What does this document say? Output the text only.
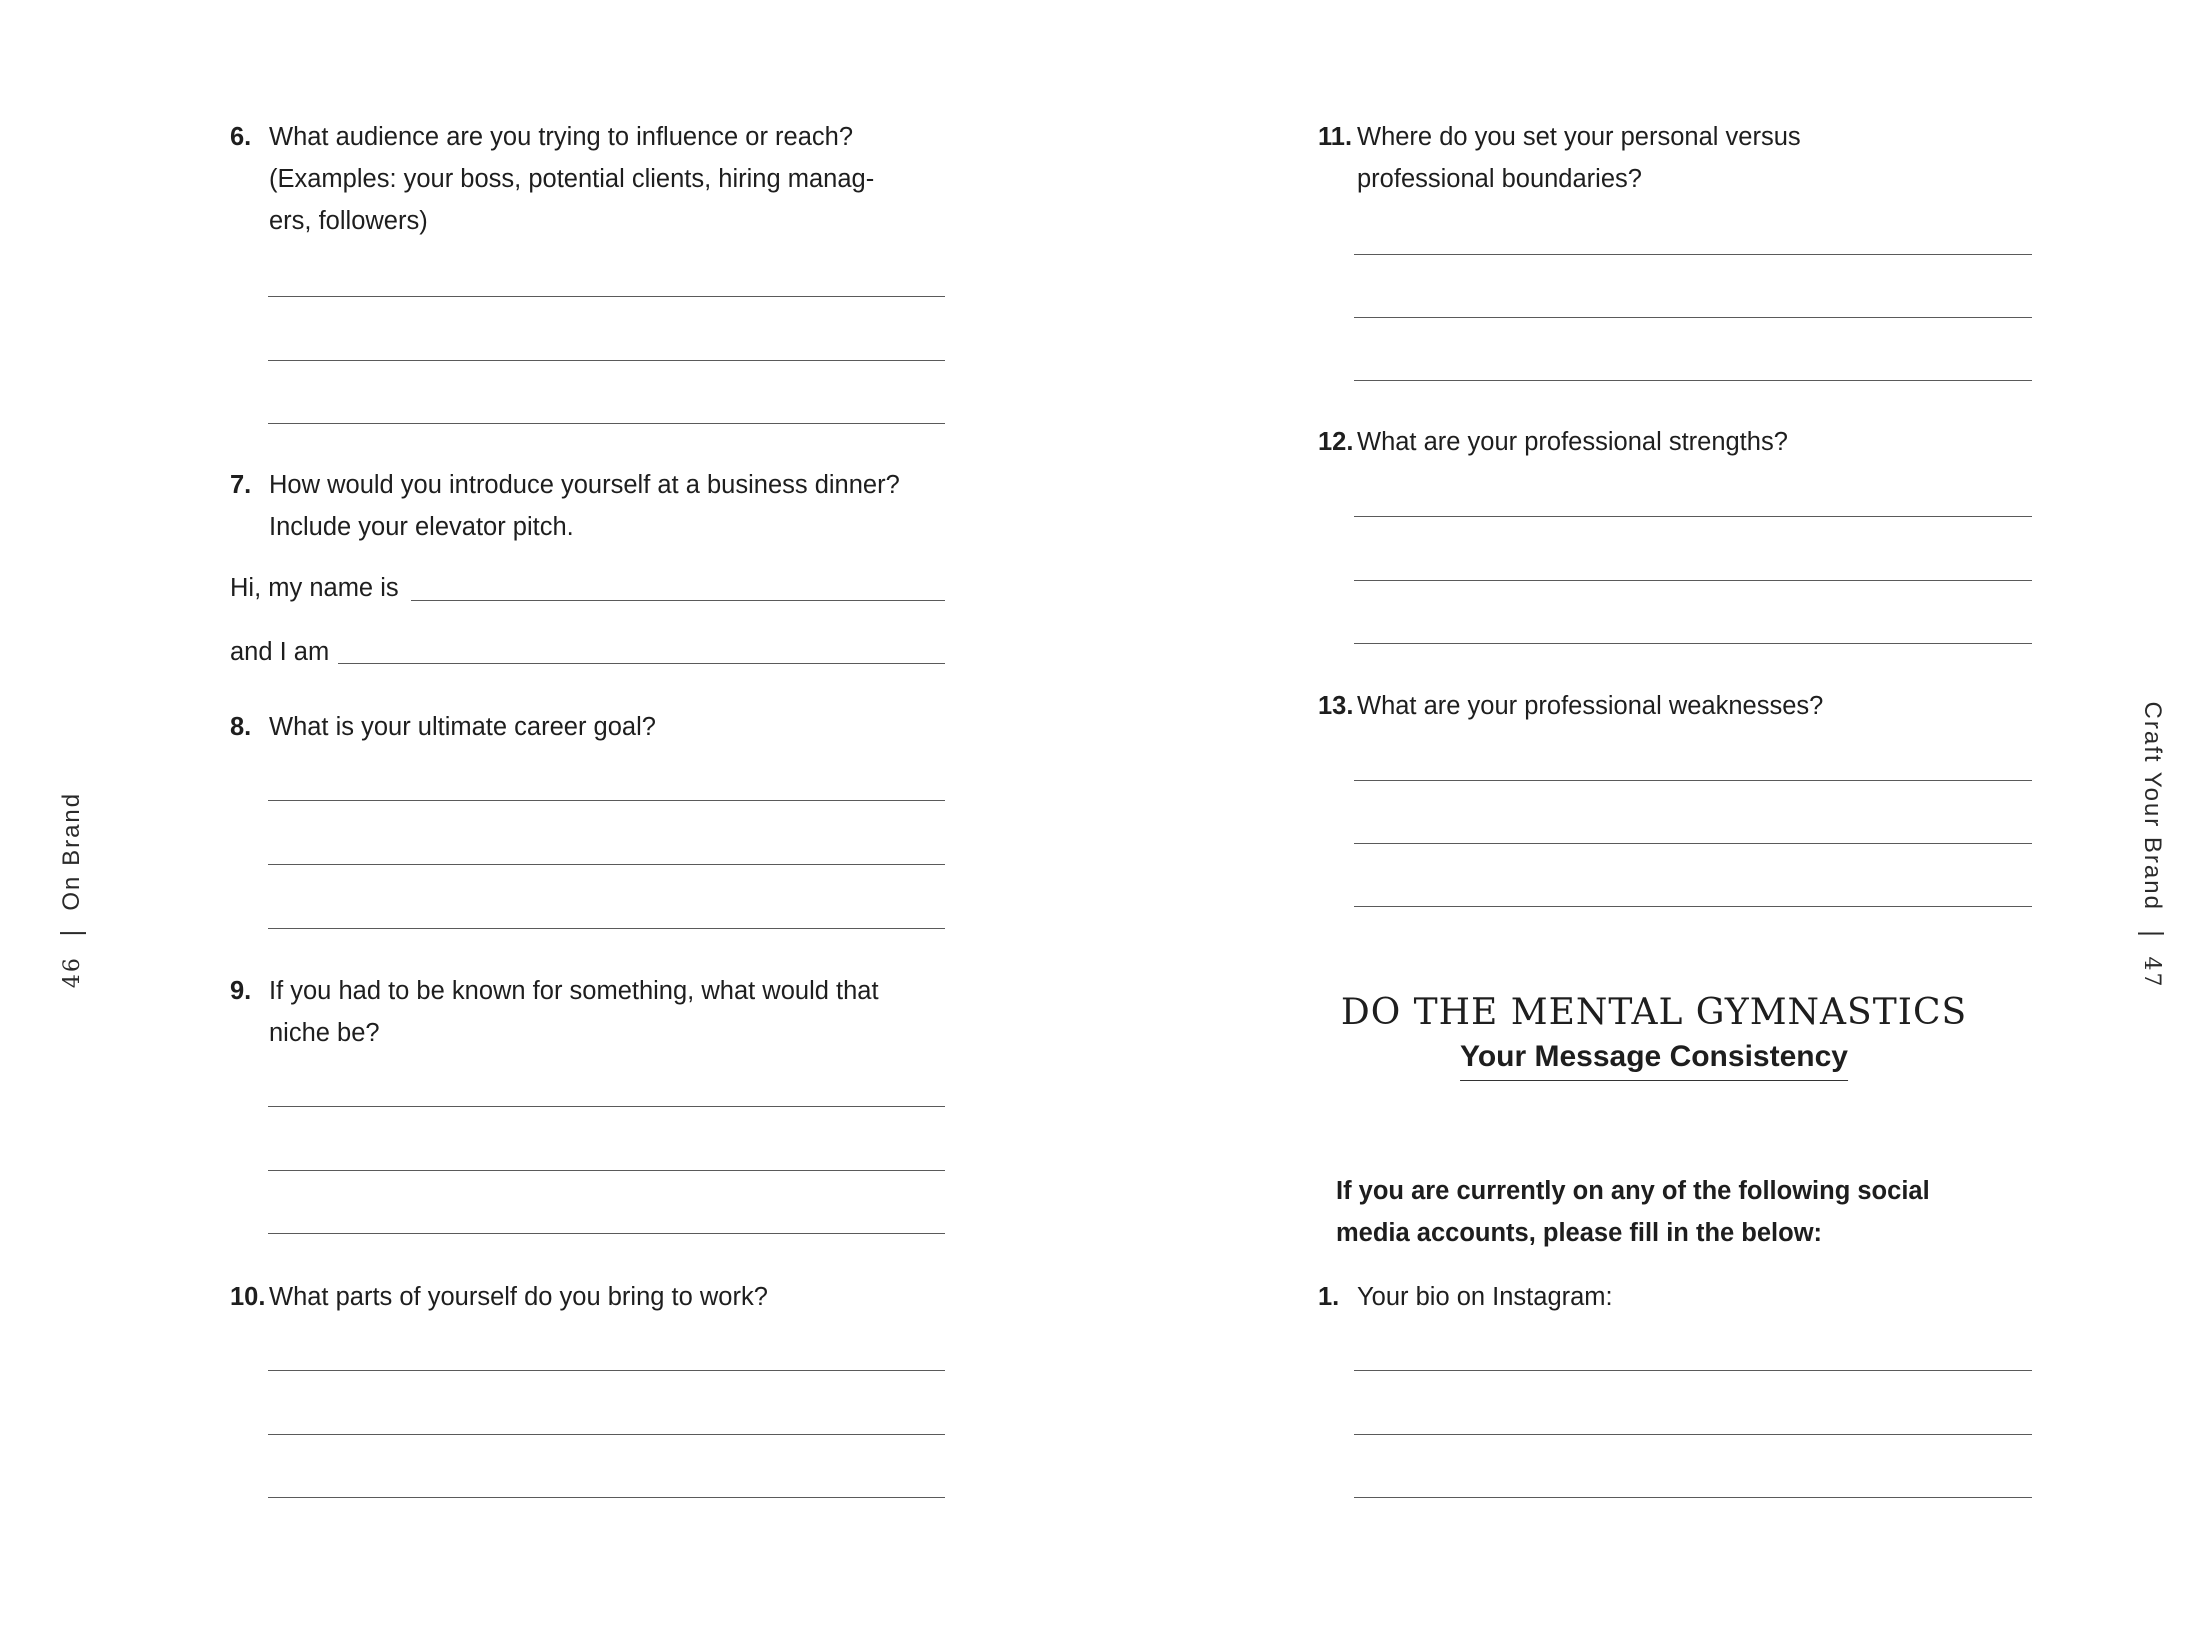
6. What audience are you trying to influence or reach?
(Examples: your boss, potential clients, hiring manag-
ers, followers)
7. How would you introduce yourself at a business dinner?
Include your elevator pitch.
Hi, my name is
and I am
8. What is your ultimate career goal?
9. If you had to be known for something, what would that
niche be?
10. What parts of yourself do you bring to work?
46On Brand
11. Where do you set your personal versus
professional boundaries?
12. What are your professional strengths?
13. What are your professional weaknesses?
DO THE MENTAL GYMNASTICS
Your Message Consistency
If you are currently on any of the following social
media accounts, please fill in the below:
1. Your bio on Instagram:
Craft Your Brand47
